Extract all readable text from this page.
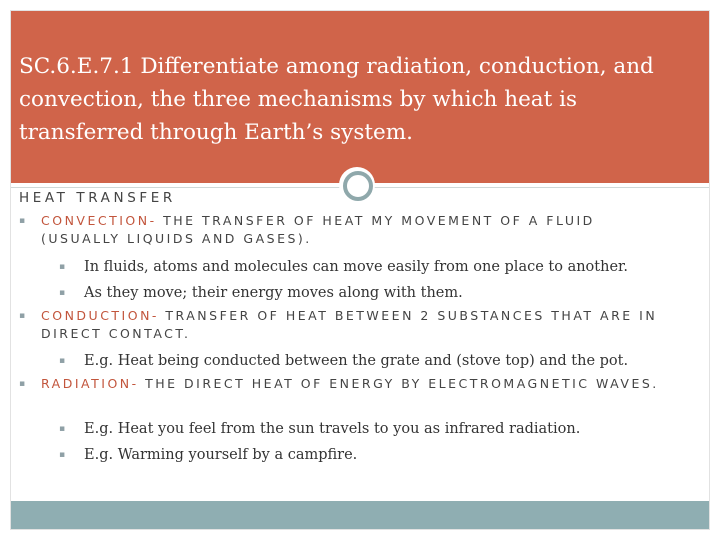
SC.6.E.7.1 Differentiate among radiation, conduction, and convection, the three mechanisms by which heat is transferred through Earth’s system.
HEAT TRANSFER
▪ CONVECTION- THE TRANSFER OF HEAT MY MOVEMENT OF A FLUID (USUALLY LIQUIDS AND GASES).
▪ In fluids, atoms and molecules can move easily from one place to another.
▪ As they move; their energy moves along with them.
▪ CONDUCTION- TRANSFER OF HEAT BETWEEN 2 SUBSTANCES THAT ARE IN DIRECT CONTACT.
▪ E.g. Heat being conducted between the grate and (stove top) and the pot.
▪ RADIATION- THE DIRECT HEAT OF ENERGY BY ELECTROMAGNETIC WAVES.
▪ E.g. Heat you feel from the sun travels to you as infrared radiation.
▪ E.g. Warming yourself by a campfire.
